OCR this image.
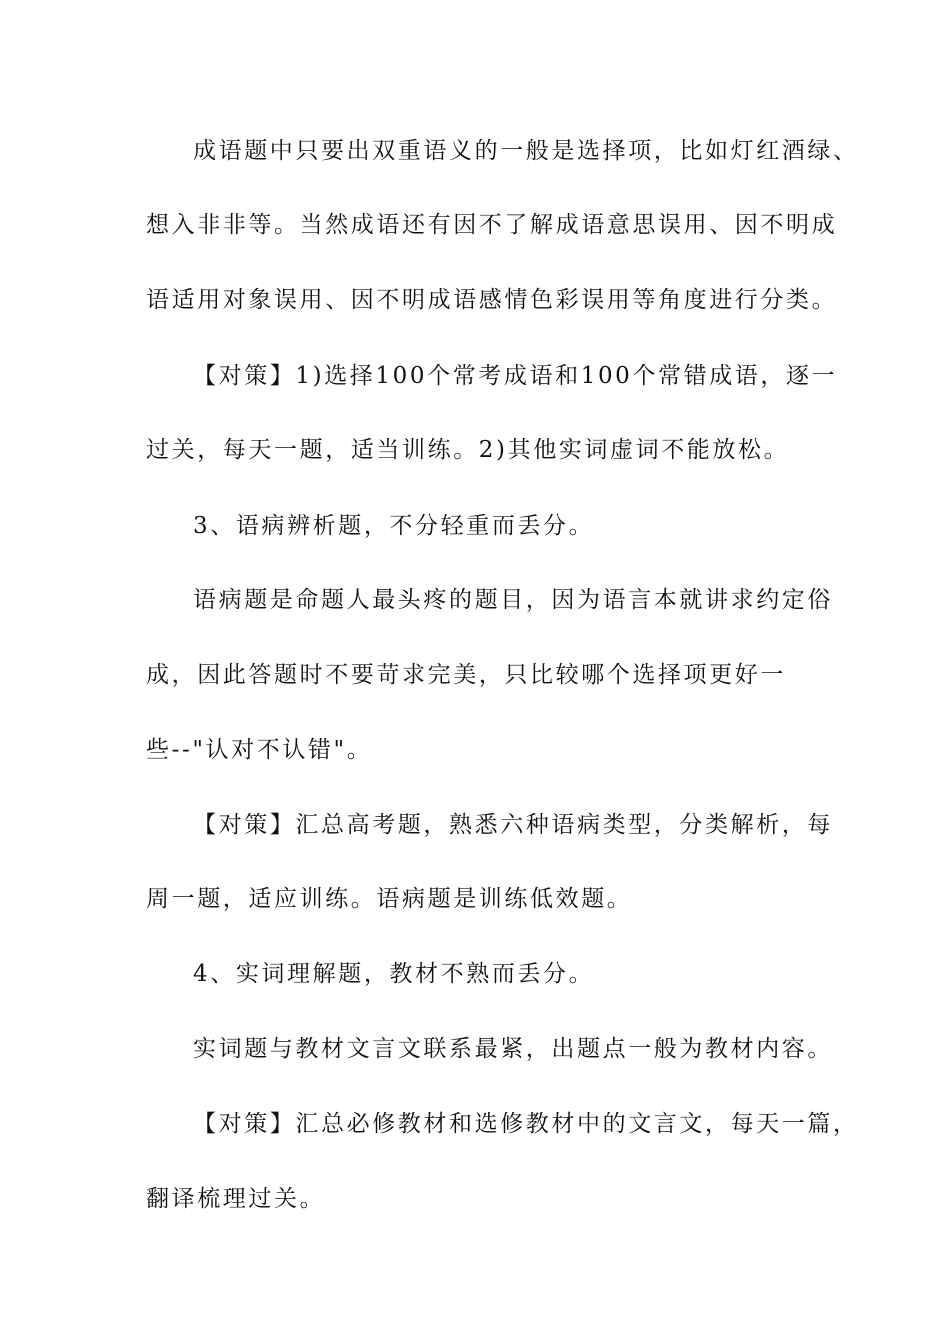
成语题中只要出双重语义的一般是选择项，比如灯红酒绿、
想入非非等。当然成语还有因不了解成语意思误用、因不明成
语适用对象误用、因不明成语感情色彩误用等角度进行分类。
【对策】1)选择100个常考成语和100个常错成语，逐一
过关，每天一题，适当训练。2)其他实词虚词不能放松。
3、语病辨析题，不分轻重而丢分。
语病题是命题人最头疼的题目，因为语言本就讲求约定俗
成，因此答题时不要苛求完美，只比较哪个选择项更好一
些--"认对不认错"。
【对策】汇总高考题，熟悉六种语病类型，分类解析，每
周一题，适应训练。语病题是训练低效题。
4、实词理解题，教材不熟而丢分。
实词题与教材文言文联系最紧，出题点一般为教材内容。
【对策】汇总必修教材和选修教材中的文言文，每天一篇，
翻译梳理过关。
